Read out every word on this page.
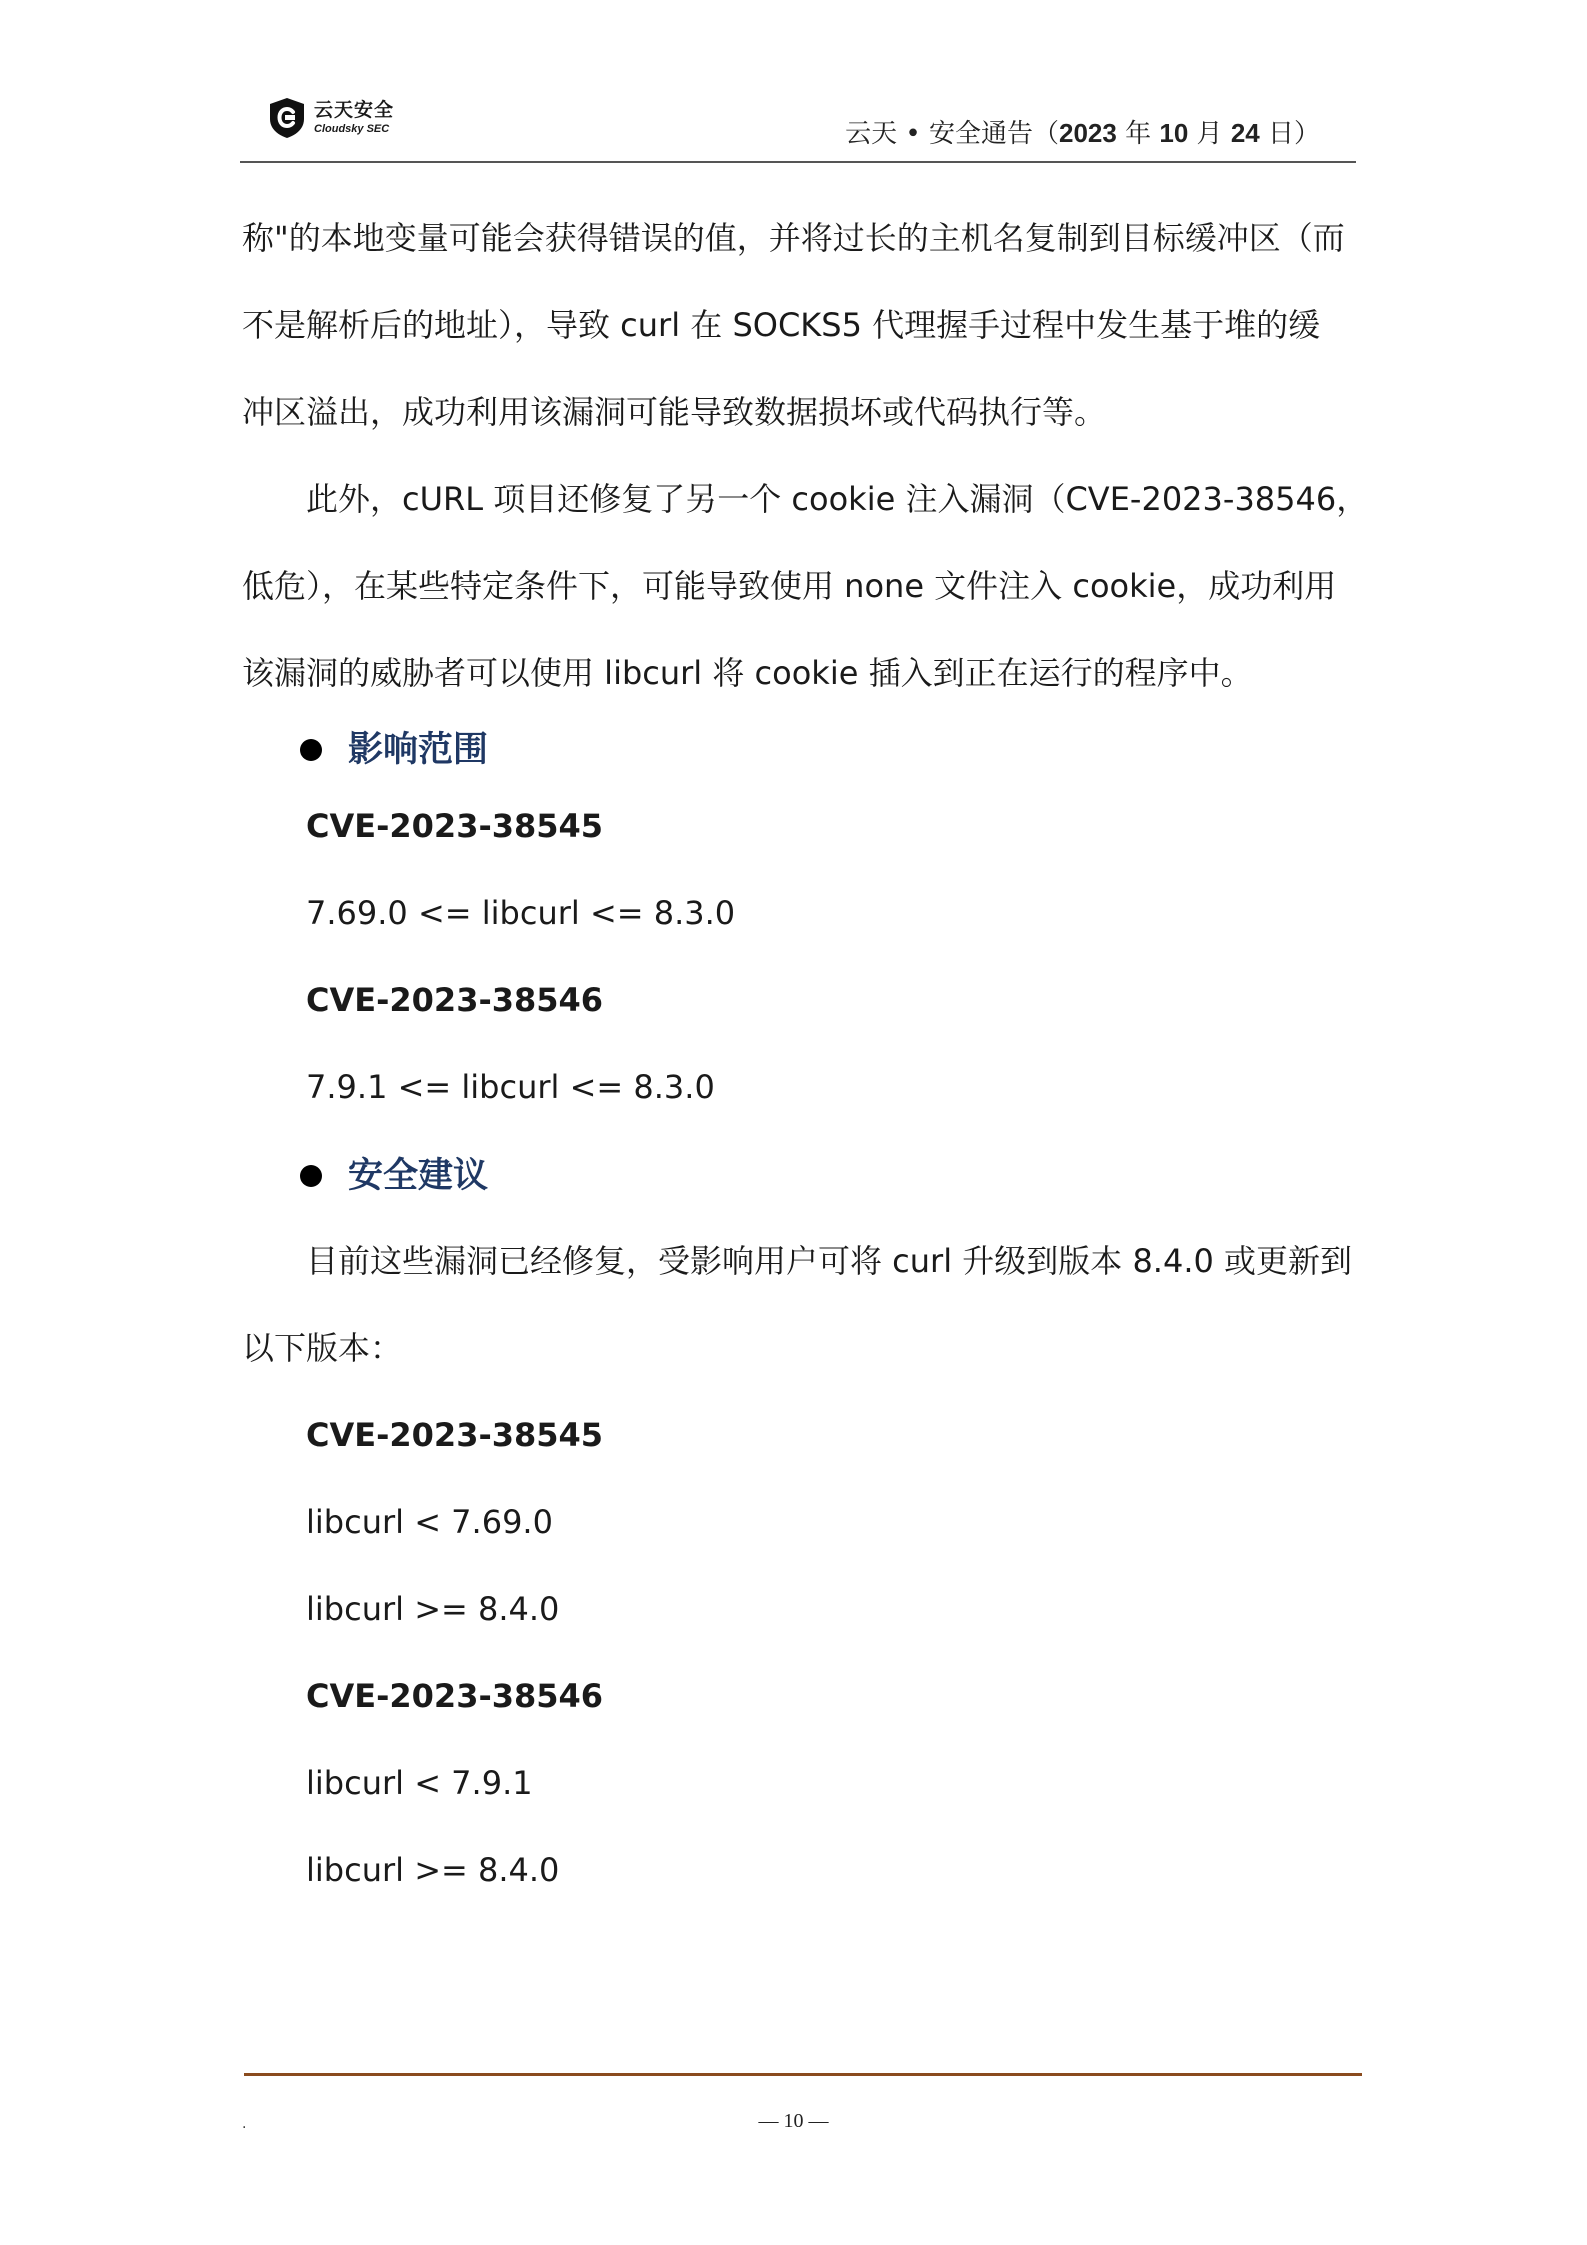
云天安全
Cloudsky SEC	云天 • 安全通告（2023 年 10 月 24 日）
称"的本地变量可能会获得错误的值，并将过长的主机名复制到目标缓冲区（而
不是解析后的地址），导致 curl 在 SOCKS5 代理握手过程中发生基于堆的缓
冲区溢出，成功利用该漏洞可能导致数据损坏或代码执行等。
此外，cURL 项目还修复了另一个 cookie 注入漏洞（CVE-2023-38546，
低危），在某些特定条件下，可能导致使用 none 文件注入 cookie，成功利用
该漏洞的威胁者可以使用 libcurl 将 cookie 插入到正在运行的程序中。
影响范围
CVE-2023-38545
7.69.0 <= libcurl <= 8.3.0
CVE-2023-38546
7.9.1 <= libcurl <= 8.3.0
安全建议
目前这些漏洞已经修复，受影响用户可将 curl 升级到版本 8.4.0 或更新到
以下版本：
CVE-2023-38545
libcurl < 7.69.0
libcurl >= 8.4.0
CVE-2023-38546
libcurl < 7.9.1
libcurl >= 8.4.0
.	— 10 —
